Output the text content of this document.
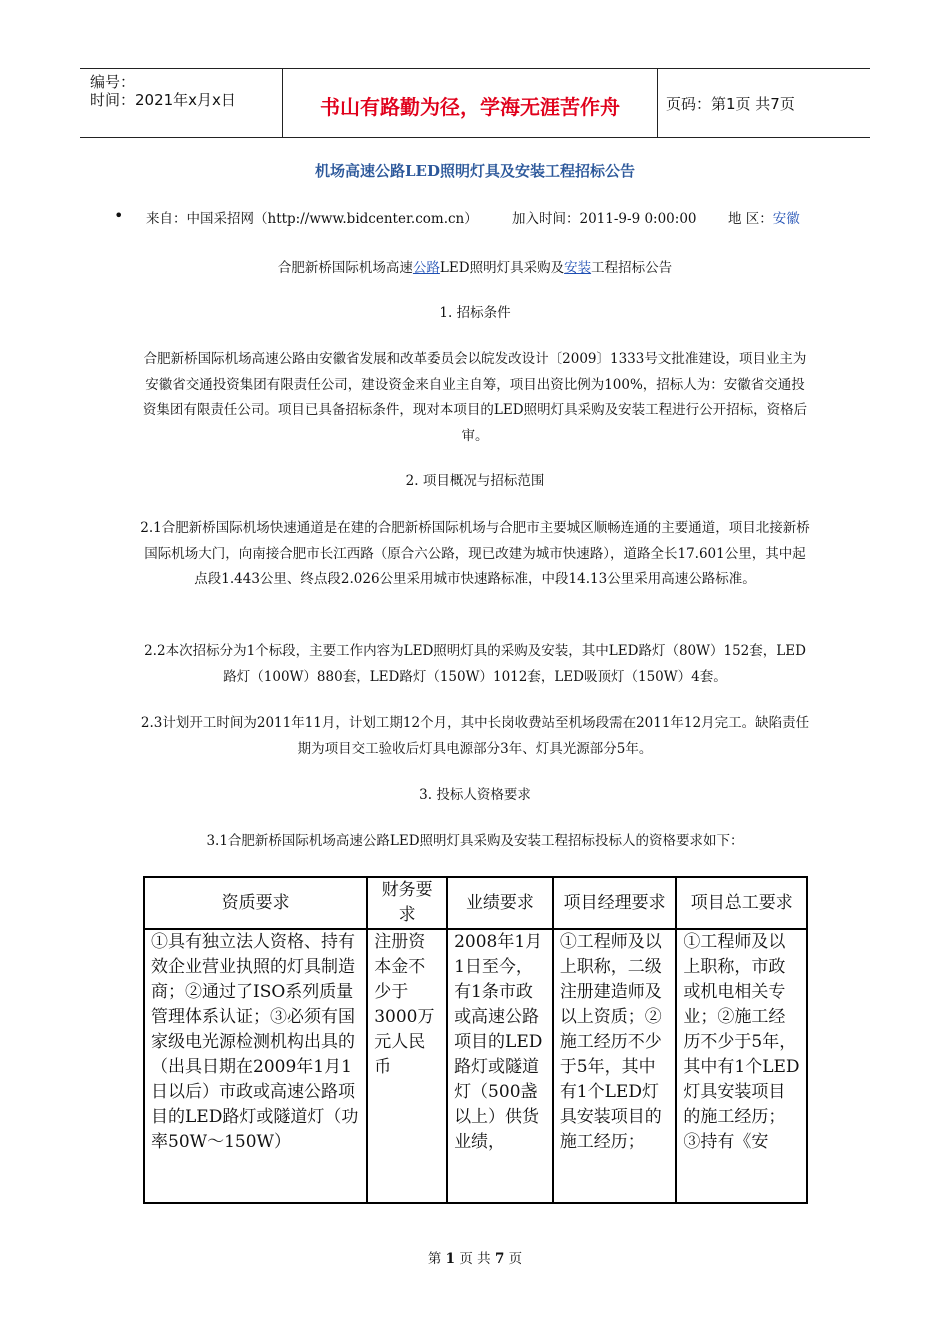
编号：
时间：2021年x月x日	书山有路勤为径，学海无涯苦作舟	页码：第1页 共7页
机场高速公路LED照明灯具及安装工程招标公告
• 来自：中国采招网（http://www.bidcenter.com.cn）	加入时间：2011-9-9 0:00:00 地 区：安徽
合肥新桥国际机场高速公路LED照明灯具采购及安装工程招标公告
1. 招标条件
合肥新桥国际机场高速公路由安徽省发展和改革委员会以皖发改设计〔2009〕1333号文批准建设，项目业主为安徽省交通投资集团有限责任公司，建设资金来自业主自筹，项目出资比例为100%，招标人为：安徽省交通投资集团有限责任公司。项目已具备招标条件，现对本项目的LED照明灯具采购及安装工程进行公开招标，资格后审。
2. 项目概况与招标范围
2.1合肥新桥国际机场快速通道是在建的合肥新桥国际机场与合肥市主要城区顺畅连通的主要通道，项目北接新桥国际机场大门，向南接合肥市长江西路（原合六公路，现已改建为城市快速路），道路全长17.601公里，其中起点段1.443公里、终点段2.026公里采用城市快速路标准，中段14.13公里采用高速公路标准。
2.2本次招标分为1个标段，主要工作内容为LED照明灯具的采购及安装，其中LED路灯（80W）152套，LED路灯（100W）880套，LED路灯（150W）1012套，LED吸顶灯（150W）4套。
2.3计划开工时间为2011年11月，计划工期12个月，其中长岗收费站至机场段需在2011年12月完工。缺陷责任期为项目交工验收后灯具电源部分3年、灯具光源部分5年。
3. 投标人资格要求
3.1合肥新桥国际机场高速公路LED照明灯具采购及安装工程招标投标人的资格要求如下：
资质要求	财务要求	业绩要求	项目经理要求	项目总工要求

①具有独立法人资格、持有效企业营业执照的灯具制造商；②通过了ISO系列质量管理体系认证；③必须有国家级电光源检测机构出具的（出具日期在2009年1月1日以后）市政或高速公路项目的LED路灯或隧道灯（功率50W～150W）	注册资本金不少于3000万元人民币	2008年1月1日至今，有1条市政或高速公路项目的LED路灯或隧道灯（500盏以上）供货业绩，	①工程师及以上职称，二级注册建造师及以上资质；②施工经历不少于5年，其中有1个LED灯具安装项目的施工经历；	①工程师及以上职称，市政或机电相关专业；②施工经历不少于5年，其中有1个LED灯具安装项目的施工经历；③持有《安
第 1 页 共 7 页
